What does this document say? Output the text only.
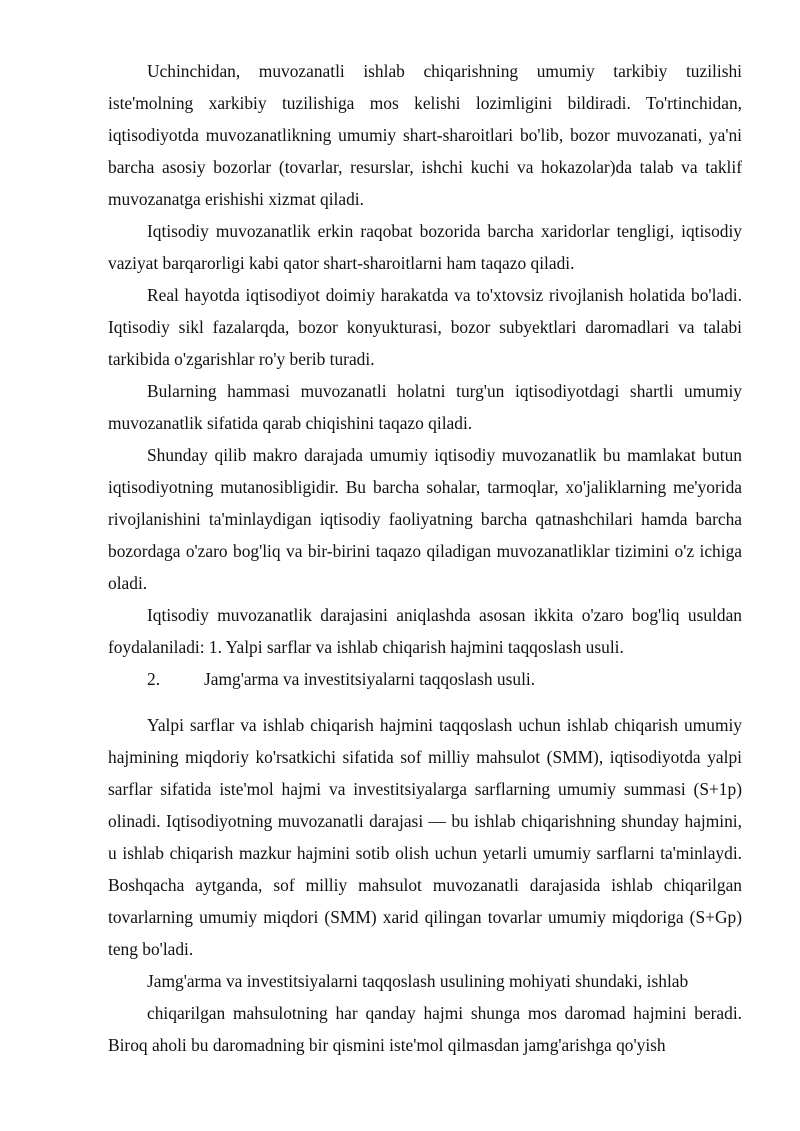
Uchinchidan, muvozanatli ishlab chiqarishning umumiy tarkibiy tuzilishi iste'molning xarkibiy tuzilishiga mos kelishi lozimligini bildiradi. To'rtinchidan, iqtisodiyotda muvozanatlikning umumiy shart-sharoitlari bo'lib, bozor muvozanati, ya'ni barcha asosiy bozorlar (tovarlar, resurslar, ishchi kuchi va hokazolar)da talab va taklif muvozanatga erishishi xizmat qiladi.

Iqtisodiy muvozanatlik erkin raqobat bozorida barcha xaridorlar tengligi, iqtisodiy vaziyat barqarorligi kabi qator shart-sharoitlarni ham taqazo qiladi.

Real hayotda iqtisodiyot doimiy harakatda va to'xtovsiz rivojlanish holatida bo'ladi. Iqtisodiy sikl fazalarqda, bozor konyukturasi, bozor subyektlari daromadlari va talabi tarkibida o'zgarishlar ro'y berib turadi.

Bularning hammasi muvozanatli holatni turg'un iqtisodiyotdagi shartli umumiy muvozanatlik sifatida qarab chiqishini taqazo qiladi.

Shunday qilib makro darajada umumiy iqtisodiy muvozanatlik bu mamlakat butun iqtisodiyotning mutanosibligidir. Bu barcha sohalar, tarmoqlar, xo'jaliklarning me'yorida rivojlanishini ta'minlaydigan iqtisodiy faoliyatning barcha qatnashchilari hamda barcha bozordaga o'zaro bog'liq va bir-birini taqazo qiladigan muvozanatliklar tizimini o'z ichiga oladi.

Iqtisodiy muvozanatlik darajasini aniqlashda asosan ikkita o'zaro bog'liq usuldan foydalaniladi: 1. Yalpi sarflar va ishlab chiqarish hajmini taqqoslash usuli.

2.	Jamg'arma va investitsiyalarni taqqoslash usuli.

Yalpi sarflar va ishlab chiqarish hajmini taqqoslash uchun ishlab chiqarish umumiy hajmining miqdoriy ko'rsatkichi sifatida sof milliy mahsulot (SMM), iqtisodiyotda yalpi sarflar sifatida iste'mol hajmi va investitsiyalarga sarflarning umumiy summasi (S+1p) olinadi. Iqtisodiyotning muvozanatli darajasi — bu ishlab chiqarishning shunday hajmini, u ishlab chiqarish mazkur hajmini sotib olish uchun yetarli umumiy sarflarni ta'minlaydi. Boshqacha aytganda, sof milliy mahsulot muvozanatli darajasida ishlab chiqarilgan tovarlarning umumiy miqdori (SMM) xarid qilingan tovarlar umumiy miqdoriga (S+Gp) teng bo'ladi.

Jamg'arma va investitsiyalarni taqqoslash usulining mohiyati shundaki, ishlab

chiqarilgan mahsulotning har qanday hajmi shunga mos daromad hajmini beradi. Biroq aholi bu daromadning bir qismini iste'mol qilmasdan jamg'arishga qo'yish
